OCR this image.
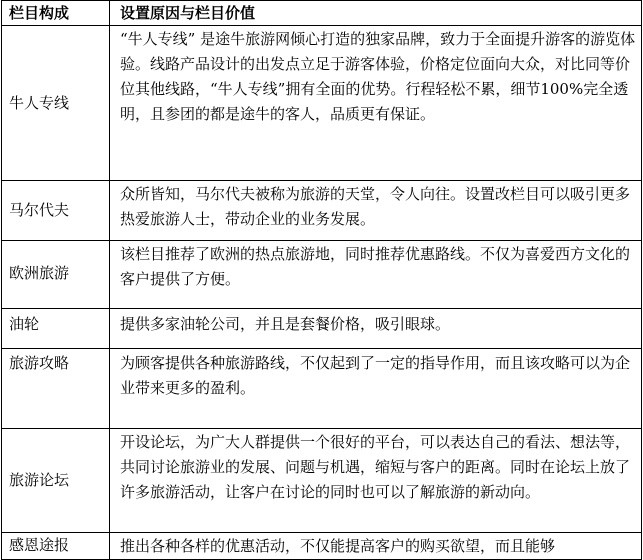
栏目构成	设置原因与栏目价值
牛人专线	“牛人专线” 是途牛旅游网倾心打造的独家品牌，致力于全面提升游客的游览体验。线路产品设计的出发点立足于游客体验，价格定位面向大众，对比同等价位其他线路，“牛人专线”拥有全面的优势。行程轻松不累，细节100%完全透明，且参团的都是途牛的客人，品质更有保证。
马尔代夫	众所皆知，马尔代夫被称为旅游的天堂，令人向往。设置改栏目可以吸引更多热爱旅游人士，带动企业的业务发展。
欧洲旅游	该栏目推荐了欧洲的热点旅游地，同时推荐优惠路线。不仅为喜爱西方文化的客户提供了方便。
油轮	提供多家油轮公司，并且是套餐价格，吸引眼球。
旅游攻略	为顾客提供各种旅游路线，不仅起到了一定的指导作用，而且该攻略可以为企业带来更多的盈利。
旅游论坛	开设论坛，为广大人群提供一个很好的平台，可以表达自己的看法、想法等，共同讨论旅游业的发展、问题与机遇，缩短与客户的距离。同时在论坛上放了许多旅游活动，让客户在讨论的同时也可以了解旅游的新动向。
感恩途报	推出各种各样的优惠活动，不仅能提高客户的购买欲望，而且能够
